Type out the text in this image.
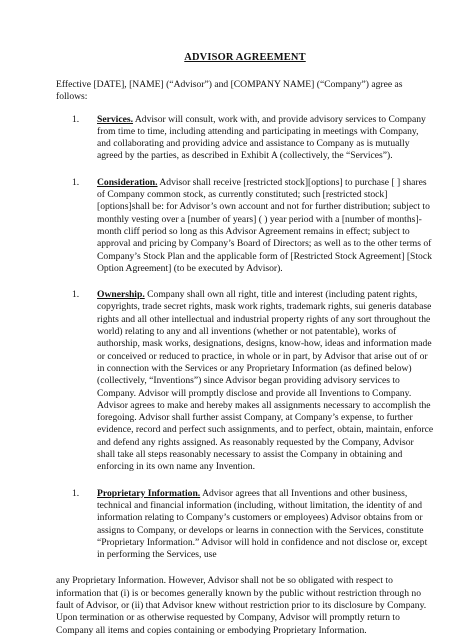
ADVISOR AGREEMENT

Effective [DATE], [NAME] (“Advisor”) and [COMPANY NAME] (“Company”) agree as follows:

1.	Services. Advisor will consult, work with, and provide advisory services to Company from time to time, including attending and participating in meetings with Company, and collaborating and providing advice and assistance to Company as is mutually agreed by the parties, as described in Exhibit A (collectively, the “Services”).
1.	Consideration. Advisor shall receive [restricted stock][options] to purchase [ ] shares of Company common stock, as currently constituted; such [restricted stock] [options]shall be: for Advisor’s own account and not for further distribution; subject to monthly vesting over a [number of years] ( ) year period with a [number of months]- month cliff period so long as this Advisor Agreement remains in effect; subject to approval and pricing by Company’s Board of Directors; as well as to the other terms of Company’s Stock Plan and the applicable form of [Restricted Stock Agreement] [Stock Option Agreement] (to be executed by Advisor).
1.	Ownership. Company shall own all right, title and interest (including patent rights, copyrights, trade secret rights, mask work rights, trademark rights, sui generis database rights and all other intellectual and industrial property rights of any sort throughout the world) relating to any and all inventions (whether or not patentable), works of authorship, mask works, designations, designs, know-how, ideas and information made or conceived or reduced to practice, in whole or in part, by Advisor that arise out of or in connection with the Services or any Proprietary Information (as defined below) (collectively, “Inventions”) since Advisor began providing advisory services to Company. Advisor will promptly disclose and provide all Inventions to Company. Advisor agrees to make and hereby makes all assignments necessary to accomplish the foregoing. Advisor shall further assist Company, at Company’s expense, to further evidence, record and perfect such assignments, and to perfect, obtain, maintain, enforce and defend any rights assigned. As reasonably requested by the Company, Advisor shall take all steps reasonably necessary to assist the Company in obtaining and enforcing in its own name any Invention.
1.	Proprietary Information. Advisor agrees that all Inventions and other business, technical and financial information (including, without limitation, the identity of and information relating to Company’s customers or employees) Advisor obtains from or assigns to Company, or develops or learns in connection with the Services, constitute “Proprietary Information.” Advisor will hold in confidence and not disclose or, except in performing the Services, use

any Proprietary Information. However, Advisor shall not be so obligated with respect to information that (i) is or becomes generally known by the public without restriction through no fault of Advisor, or (ii) that Advisor knew without restriction prior to its disclosure by Company. Upon termination or as otherwise requested by Company, Advisor will promptly return to Company all items and copies containing or embodying Proprietary Information.
